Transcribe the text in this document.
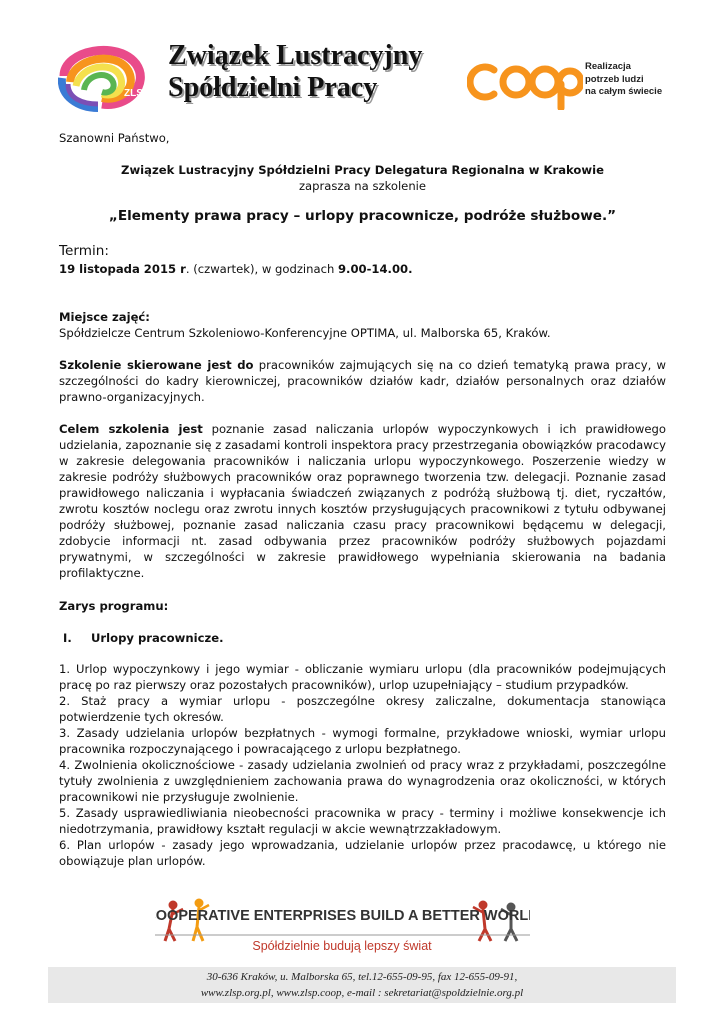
ZLSP
Związek Lustracyjny
Spółdzielni Pracy
coop
Realizacja
potrzeb ludzi
na całym świecie
Szanowni Państwo,
Związek Lustracyjny Spółdzielni Pracy Delegatura Regionalna w Krakowie
zaprasza na szkolenie
„Elementy prawa pracy – urlopy pracownicze, podróże służbowe.”
Termin:
19 listopada 2015 r. (czwartek), w godzinach 9.00-14.00.
Miejsce zajęć:
Spółdzielcze Centrum Szkoleniowo-Konferencyjne OPTIMA, ul. Malborska 65, Kraków.
Szkolenie skierowane jest do pracowników zajmujących się na co dzień tematyką prawa pracy, w szczególności do kadry kierowniczej, pracowników działów kadr, działów personalnych oraz działów prawno-organizacyjnych.
Celem szkolenia jest poznanie zasad naliczania urlopów wypoczynkowych i ich prawidłowego udzielania, zapoznanie się z zasadami kontroli inspektora pracy przestrzegania obowiązków pracodawcy w zakresie delegowania pracowników i naliczania urlopu wypoczynkowego. Poszerzenie wiedzy w zakresie podróży służbowych pracowników oraz poprawnego tworzenia tzw. delegacji. Poznanie zasad prawidłowego naliczania i wypłacania świadczeń związanych z podróżą służbową tj. diet, ryczałtów, zwrotu kosztów noclegu oraz zwrotu innych kosztów przysługujących pracownikowi z tytułu odbywanej podróży służbowej, poznanie zasad naliczania czasu pracy pracownikowi będącemu w delegacji, zdobycie informacji nt. zasad odbywania przez pracowników podróży służbowych pojazdami prywatnymi, w szczególności w zakresie prawidłowego wypełniania skierowania na badania profilaktyczne.
Zarys programu:
I. Urlopy pracownicze.

1. Urlop wypoczynkowy i jego wymiar - obliczanie wymiaru urlopu (dla pracowników podejmujących pracę po raz pierwszy oraz pozostałych pracowników), urlop uzupełniający – studium przypadków.

2. Staż pracy a wymiar urlopu - poszczególne okresy zaliczalne, dokumentacja stanowiąca potwierdzenie tych okresów.

3. Zasady udzielania urlopów bezpłatnych - wymogi formalne, przykładowe wnioski, wymiar urlopu pracownika rozpoczynającego i powracającego z urlopu bezpłatnego.

4. Zwolnienia okolicznościowe - zasady udzielania zwolnień od pracy wraz z przykładami, poszczególne tytuły zwolnienia z uwzględnieniem zachowania prawa do wynagrodzenia oraz okoliczności, w których pracownikowi nie przysługuje zwolnienie.

5. Zasady usprawiedliwiania nieobecności pracownika w pracy - terminy i możliwe konsekwencje ich niedotrzymania, prawidłowy kształt regulacji w akcie wewnątrzzakładowym.

6. Plan urlopów - zasady jego wprowadzania, udzielanie urlopów przez pracodawcę, u którego nie obowiązuje plan urlopów.

COOPERATIVE ENTERPRISES BUILD A BETTER WORLD
Spółdzielnie budują lepszy świat
30-636 Kraków, u. Malborska 65, tel.12-655-09-95, fax 12-655-09-91,
www.zlsp.org.pl, www.zlsp.coop, e-mail : sekretariat@spoldzielnie.org.pl
